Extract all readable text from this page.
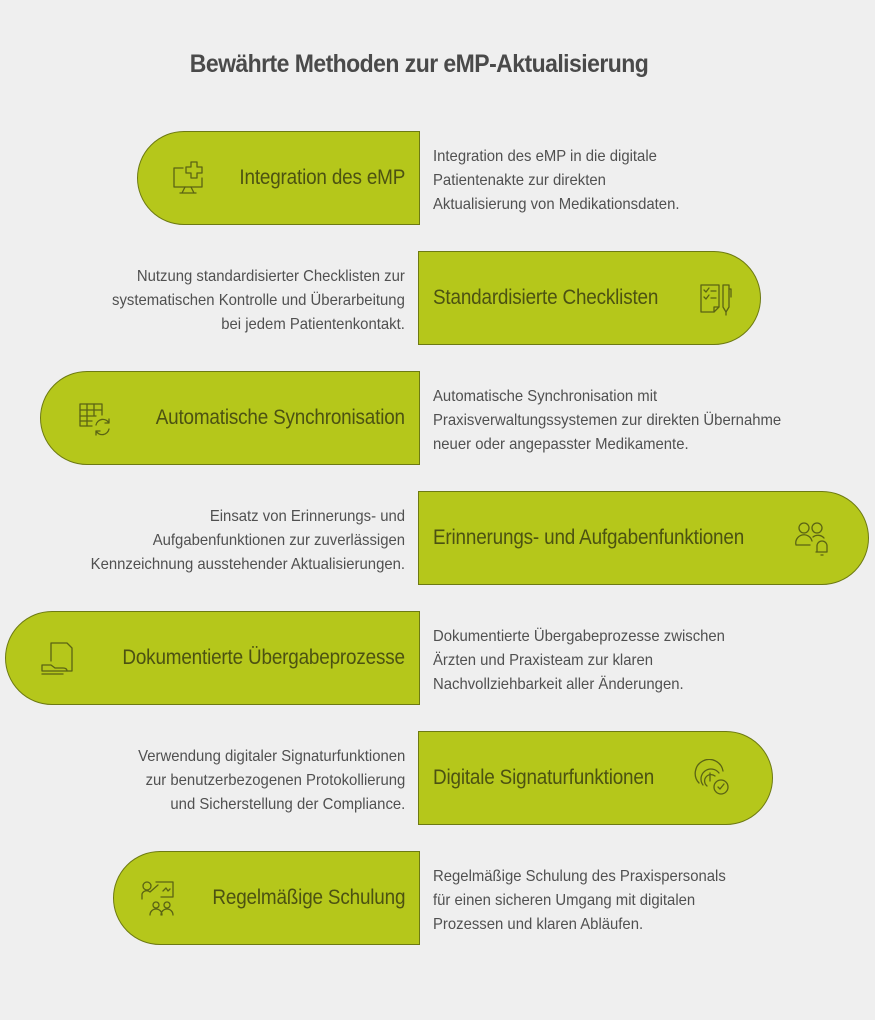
Bewährte Methoden zur eMP-Aktualisierung
Integration des eMP
Integration des eMP in die digitale
Patientenakte zur direkten
Aktualisierung von Medikationsdaten.
Standardisierte Checklisten
Nutzung standardisierter Checklisten zur
systematischen Kontrolle und Überarbeitung
bei jedem Patientenkontakt.
Automatische Synchronisation
Automatische Synchronisation mit
Praxisverwaltungssystemen zur direkten Übernahme
neuer oder angepasster Medikamente.
Erinnerungs- und Aufgabenfunktionen
Einsatz von Erinnerungs- und
Aufgabenfunktionen zur zuverlässigen
Kennzeichnung ausstehender Aktualisierungen.
Dokumentierte Übergabeprozesse
Dokumentierte Übergabeprozesse zwischen
Ärzten und Praxisteam zur klaren
Nachvollziehbarkeit aller Änderungen.
Digitale Signaturfunktionen
Verwendung digitaler Signaturfunktionen
zur benutzerbezogenen Protokollierung
und Sicherstellung der Compliance.
Regelmäßige Schulung
Regelmäßige Schulung des Praxispersonals
für einen sicheren Umgang mit digitalen
Prozessen und klaren Abläufen.
